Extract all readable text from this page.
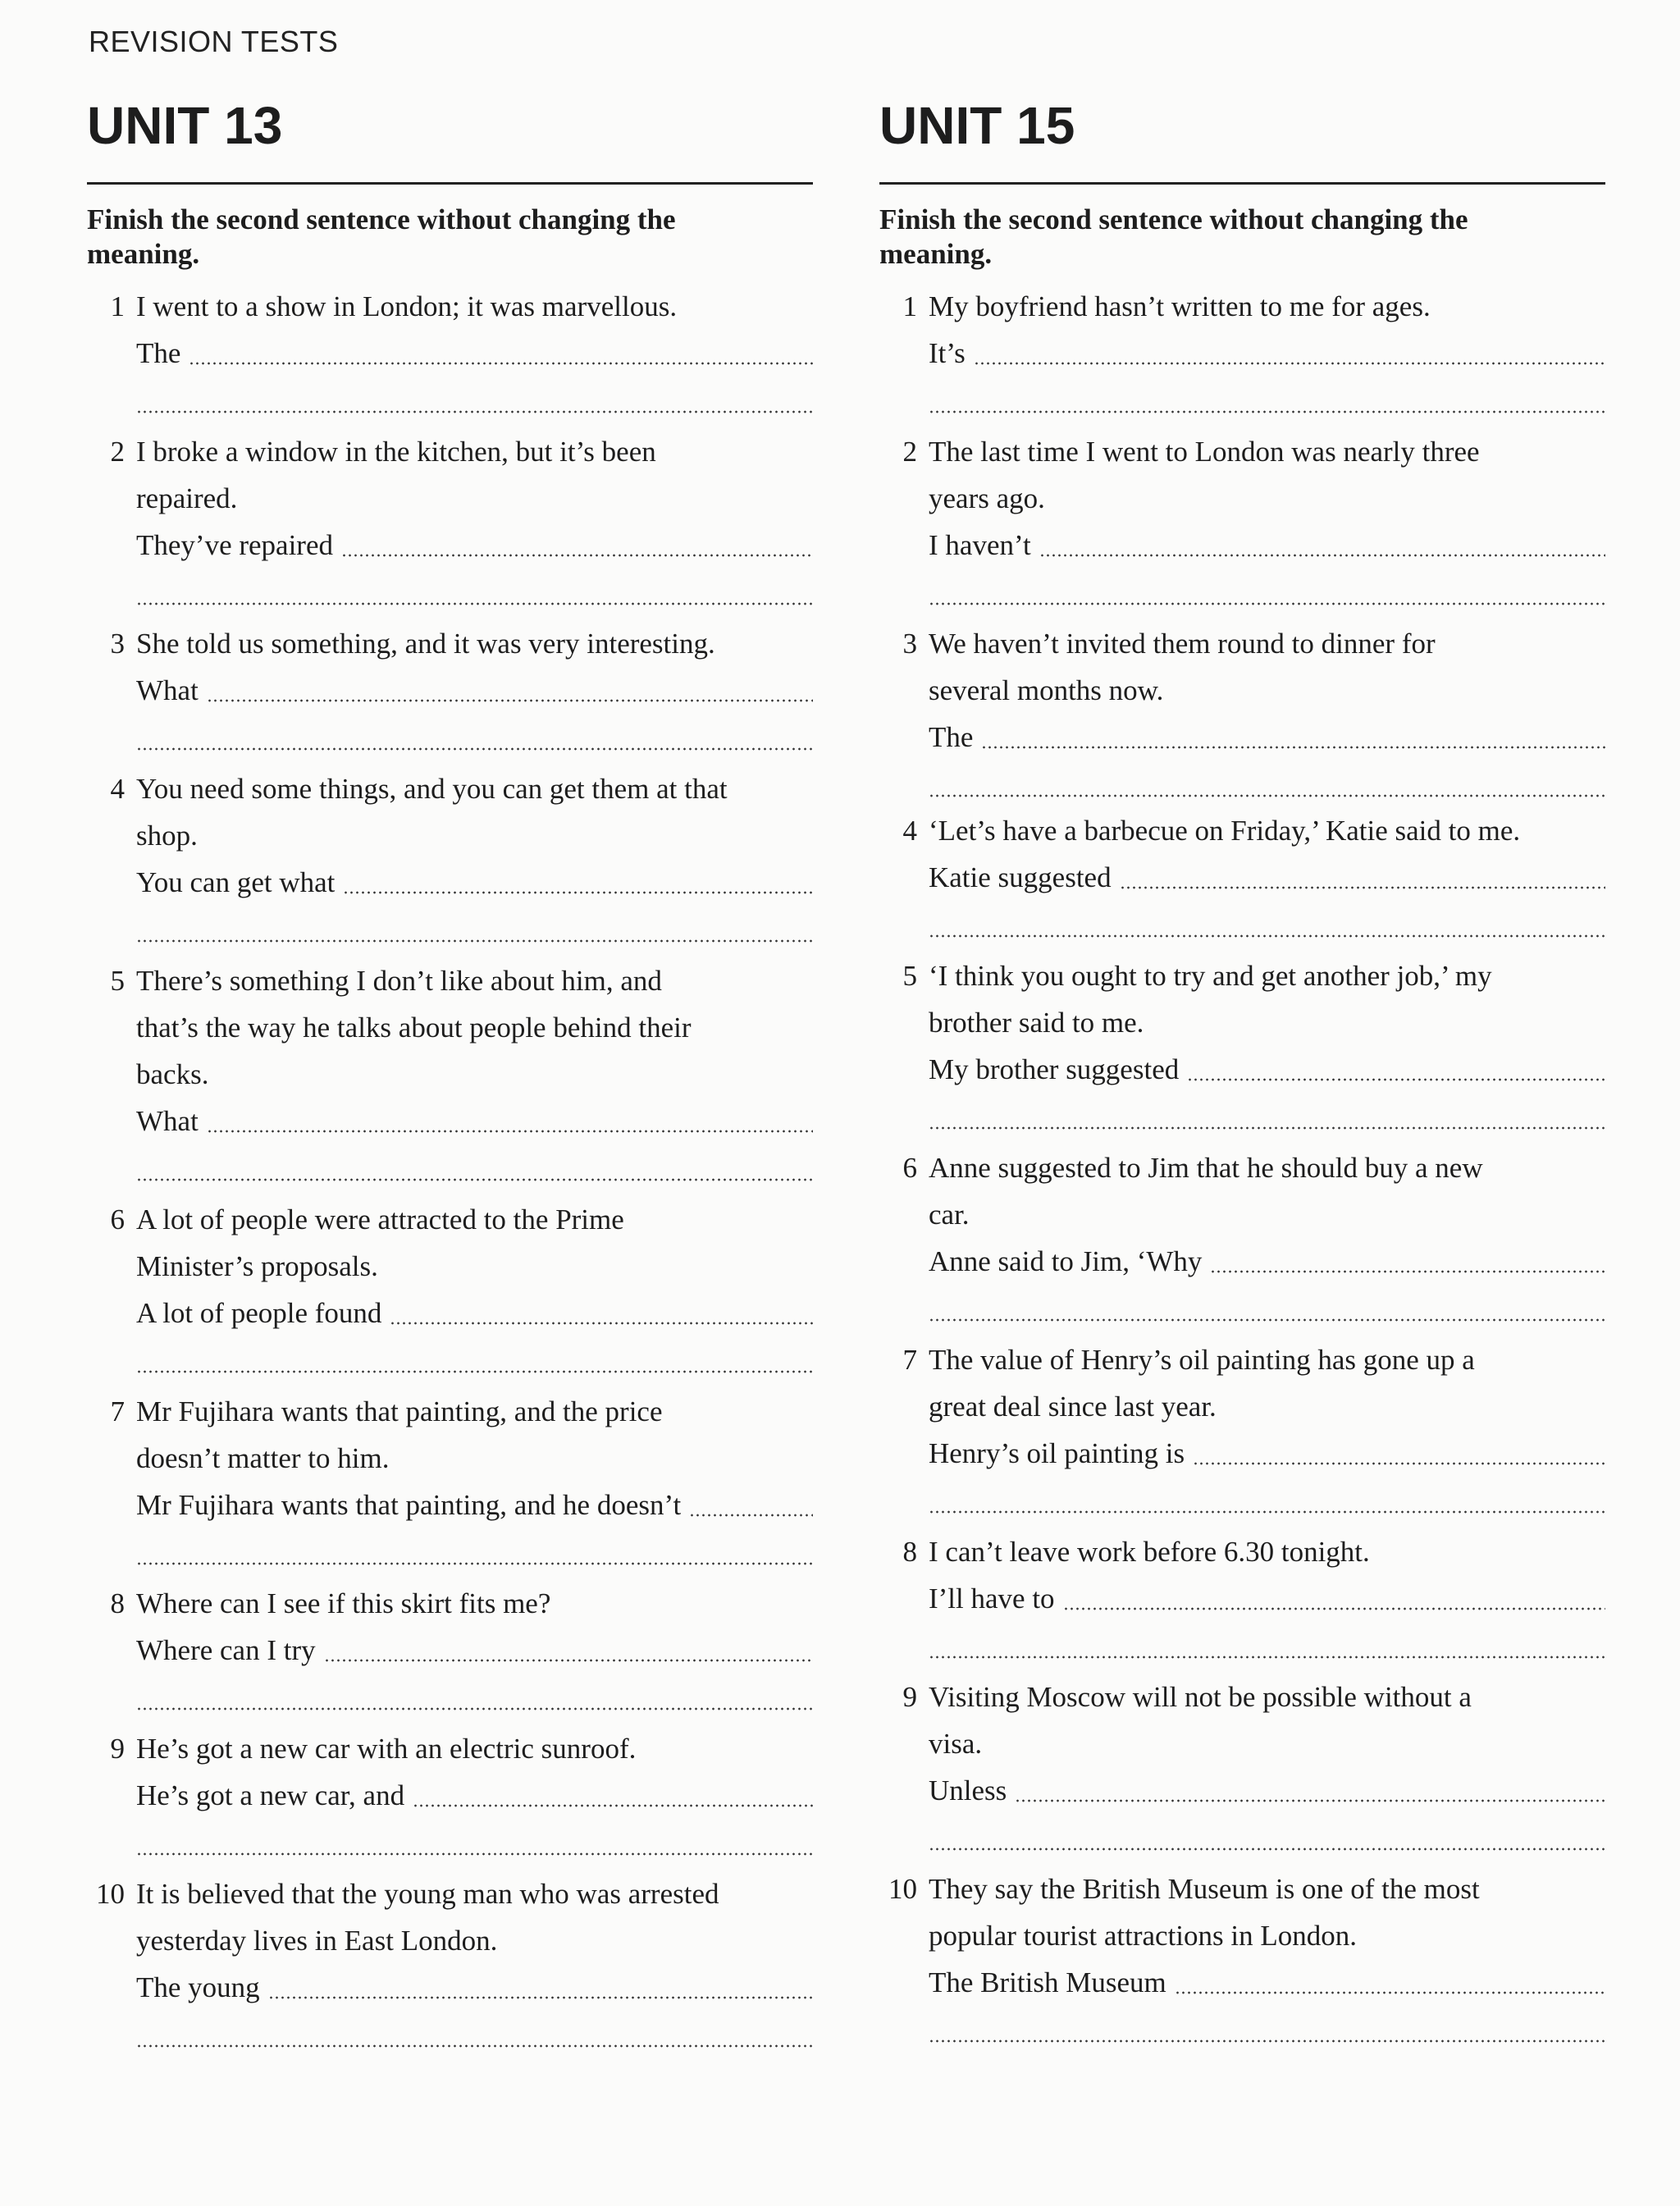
REVISION TESTS
UNIT 13
Finish the second sentence without changing the meaning.
1 I went to a show in London; it was marvellous.
The
2 I broke a window in the kitchen, but it’s been
repaired.
They’ve repaired
3 She told us something, and it was very interesting.
What
4 You need some things, and you can get them at that
shop.
You can get what
5 There’s something I don’t like about him, and
that’s the way he talks about people behind their
backs.
What
6 A lot of people were attracted to the Prime
Minister’s proposals.
A lot of people found
7 Mr Fujihara wants that painting, and the price
doesn’t matter to him.
Mr Fujihara wants that painting, and he doesn’t
8 Where can I see if this skirt fits me?
Where can I try
9 He’s got a new car with an electric sunroof.
He’s got a new car, and
10 It is believed that the young man who was arrested
yesterday lives in East London.
The young
UNIT 15
Finish the second sentence without changing the meaning.
1 My boyfriend hasn’t written to me for ages.
It’s
2 The last time I went to London was nearly three
years ago.
I haven’t
3 We haven’t invited them round to dinner for
several months now.
The
4 ‘Let’s have a barbecue on Friday,’ Katie said to me.
Katie suggested
5 ‘I think you ought to try and get another job,’ my
brother said to me.
My brother suggested
6 Anne suggested to Jim that he should buy a new
car.
Anne said to Jim, ‘Why
7 The value of Henry’s oil painting has gone up a
great deal since last year.
Henry’s oil painting is
8 I can’t leave work before 6.30 tonight.
I’ll have to
9 Visiting Moscow will not be possible without a
visa.
Unless
10 They say the British Museum is one of the most
popular tourist attractions in London.
The British Museum
